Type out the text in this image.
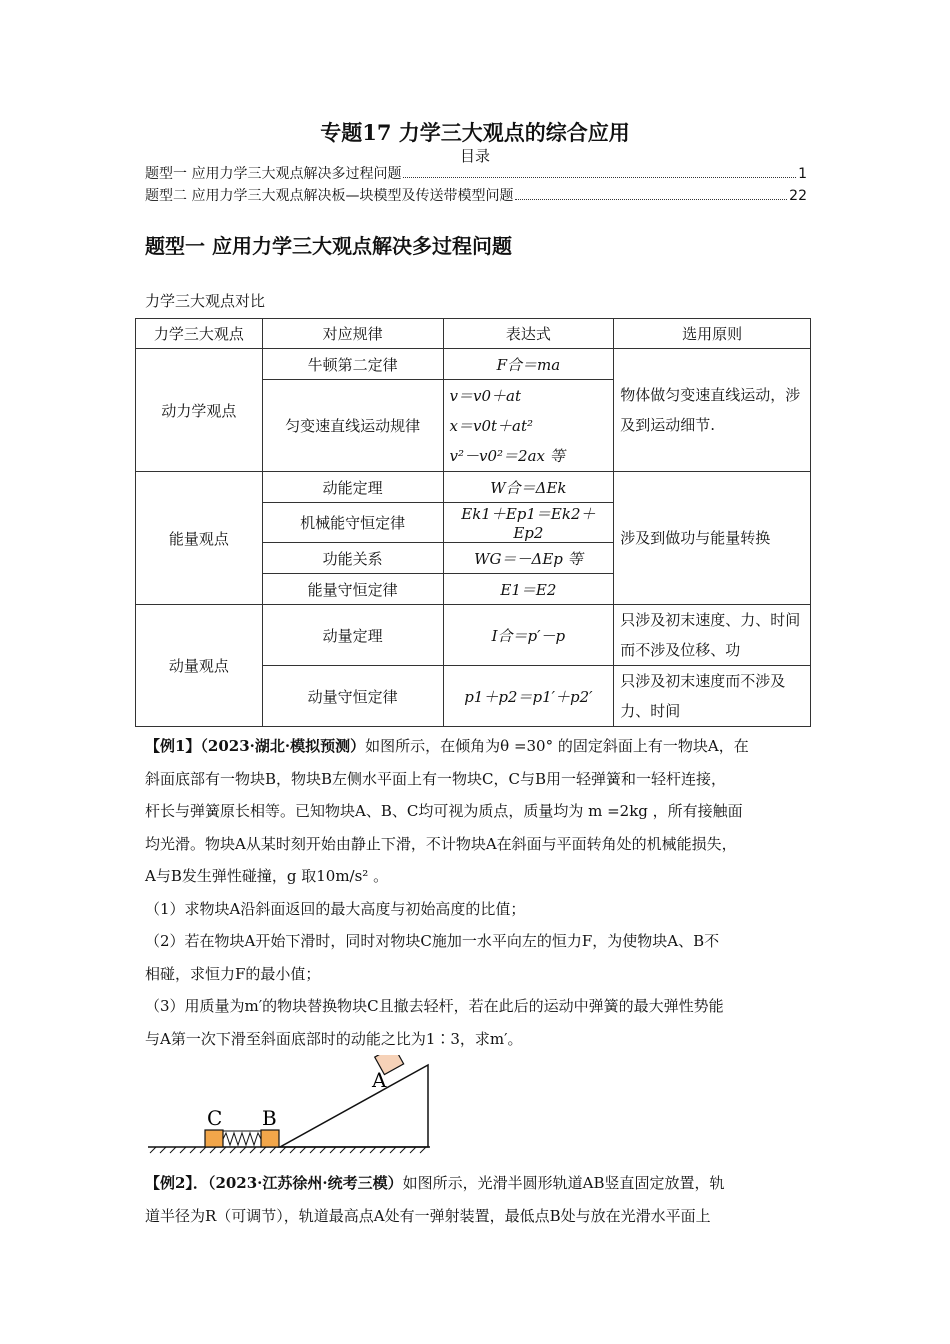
专题17 力学三大观点的综合应用
目录
题型一 应用力学三大观点解决多过程问题	1
题型二 应用力学三大观点解决板—块模型及传送带模型问题	22
题型一 应用力学三大观点解决多过程问题
力学三大观点对比
力学三大观点	对应规律	表达式	选用原则
动力学观点	牛顿第二定律	F合＝ma	物体做匀变速直线运动，涉及到运动细节.
	匀变速直线运动规律	v＝v0＋at
x＝v0t＋at²
v²－v0²＝2ax 等	

能量观点	动能定理	W合＝ΔEk	涉及到做功与能量转换
	机械能守恒定律	Ek1＋Ep1＝Ek2＋Ep2	
	功能关系	WG＝－ΔEp 等	
	能量守恒定律	E1＝E2	
动量观点	动量定理	I合＝p′－p	只涉及初末速度、力、时间而不涉及位移、功
	动量守恒定律	p1＋p2＝p1′＋p2′	只涉及初末速度而不涉及力、时间
【例1】（2023·湖北·模拟预测）如图所示，在倾角为θ =30° 的固定斜面上有一物块A，在
斜面底部有一物块B，物块B左侧水平面上有一物块C，C与B用一轻弹簧和一轻杆连接，
杆长与弹簧原长相等。已知物块A、B、C均可视为质点，质量均为 m =2kg ，所有接触面
均光滑。物块A从某时刻开始由静止下滑，不计物块A在斜面与平面转角处的机械能损失，
A与B发生弹性碰撞，g 取10m/s² 。
（1）求物块A沿斜面返回的最大高度与初始高度的比值；
（2）若在物块A开始下滑时，同时对物块C施加一水平向左的恒力F，为使物块A、B不
相碰，求恒力F的最小值；
（3）用质量为m′的物块替换物块C且撤去轻杆，若在此后的运动中弹簧的最大弹性势能
与A第一次下滑至斜面底部时的动能之比为1∶3，求m′。
A
C B
【例2】．（2023·江苏徐州·统考三模）如图所示，光滑半圆形轨道AB竖直固定放置，轨
道半径为R（可调节），轨道最高点A处有一弹射装置，最低点B处与放在光滑水平面上
